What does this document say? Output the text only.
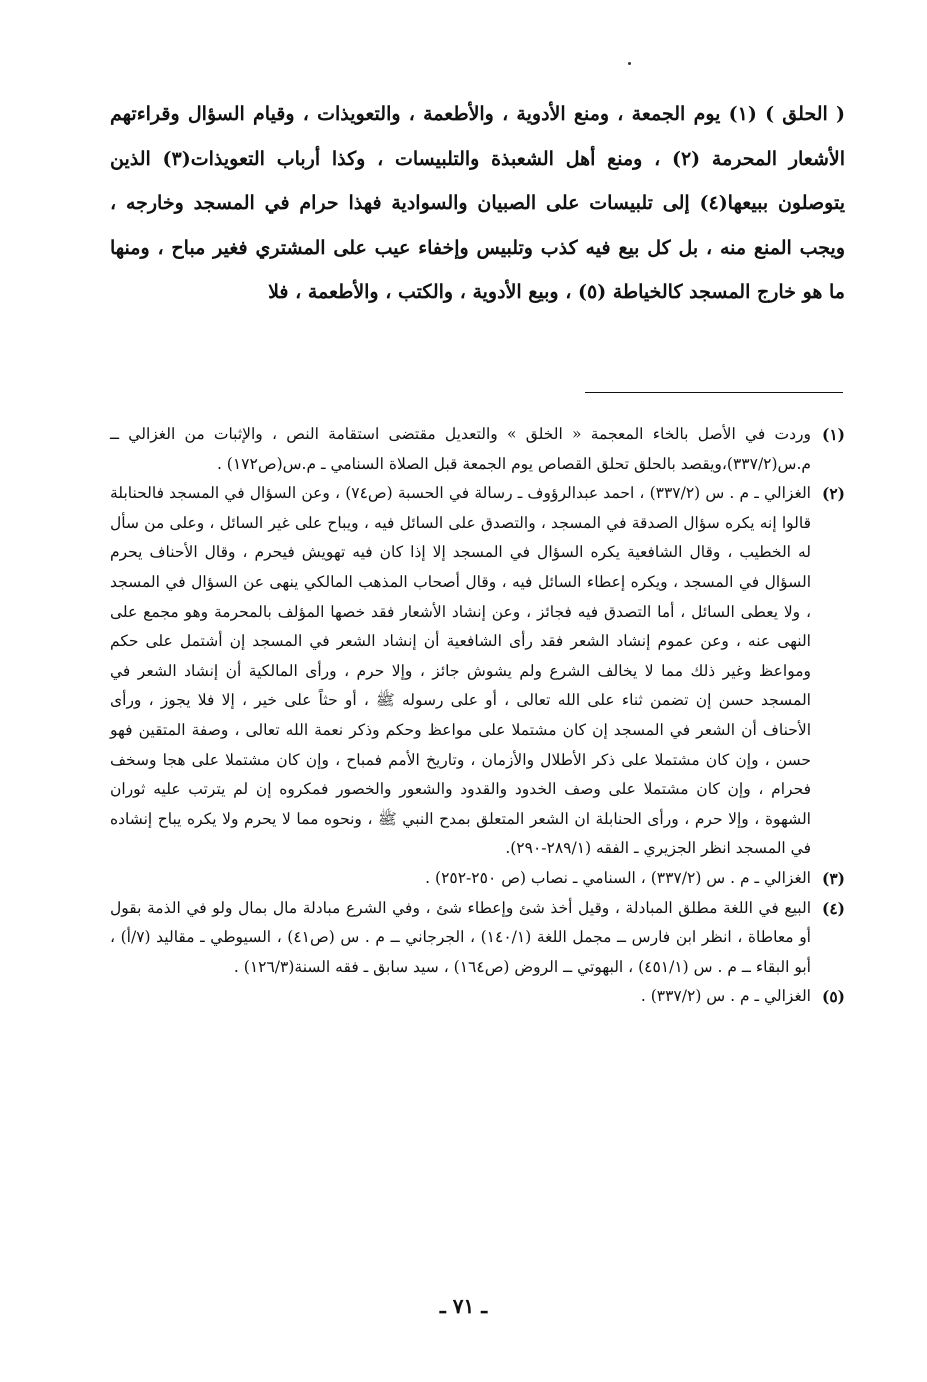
( الحلق ) (١) يوم الجمعة ، ومنع الأدوية ، والأطعمة ، والتعويذات ، وقيام السؤال وقراءتهم الأشعار المحرمة (٢) ، ومنع أهل الشعبذة والتلبيسات ، وكذا أرباب التعويذات(٣) الذين يتوصلون ببيعها(٤) إلى تلبيسات على الصبيان والسوادية فهذا حرام في المسجد وخارجه ، ويجب المنع منه ، بل كل بيع فيه كذب وتلبيس وإخفاء عيب على المشتري فغير مباح ، ومنها ما هو خارج المسجد كالخياطة (٥) ، وبيع الأدوية ، والكتب ، والأطعمة ، فلا

(١)
وردت في الأصل بالخاء المعجمة « الخلق » والتعديل مقتضى استقامة النص ، والإثبات من الغزالي ــ م.س(٣٣٧/٢)،ويقصد بالحلق تحلق القصاص يوم الجمعة قبل الصلاة السنامي ـ م.س(ص١٧٢) .
(٢)
الغزالي ـ م . س (٣٣٧/٢) ، احمد عبدالرؤوف ـ رسالة في الحسبة (ص٧٤) ، وعن السؤال في المسجد فالحنابلة قالوا إنه يكره سؤال الصدقة في المسجد ، والتصدق على السائل فيه ، ويباح على غير السائل ، وعلى من سأل له الخطيب ، وقال الشافعية يكره السؤال في المسجد إلا إذا كان فيه تهويش فيحرم ، وقال الأحناف يحرم السؤال في المسجد ، ويكره إعطاء السائل فيه ، وقال أصحاب المذهب المالكي ينهى عن السؤال في المسجد ، ولا يعطى السائل ، أما التصدق فيه فجائز ، وعن إنشاد الأشعار فقد خصها المؤلف بالمحرمة وهو مجمع على النهى عنه ، وعن عموم إنشاد الشعر فقد رأى الشافعية أن إنشاد الشعر في المسجد إن أشتمل على حكم ومواعظ وغير ذلك مما لا يخالف الشرع ولم يشوش جائز ، وإلا حرم ، ورأى المالكية أن إنشاد الشعر في المسجد حسن إن تضمن ثناء على الله تعالى ، أو على رسوله ﷺ ، أو حثاً على خير ، إلا فلا يجوز ، ورأى الأحناف أن الشعر في المسجد إن كان مشتملا على مواعظ وحكم وذكر نعمة الله تعالى ، وصفة المتقين فهو حسن ، وإن كان مشتملا على ذكر الأطلال والأزمان ، وتاريخ الأمم فمباح ، وإن كان مشتملا على هجا وسخف فحرام ، وإن كان مشتملا على وصف الخدود والقدود والشعور والخصور فمكروه إن لم يترتب عليه ثوران الشهوة ، وإلا حرم ، ورأى الحنابلة ان الشعر المتعلق بمدح النبي ﷺ ، ونحوه مما لا يحرم ولا يكره يباح إنشاده في المسجد انظر الجزيري ـ الفقه (٢٨٩/١-٢٩٠).
(٣)
الغزالي ـ م . س (٣٣٧/٢) ، السنامي ـ نصاب (ص ٢٥٠-٢٥٢) .
(٤)
البيع في اللغة مطلق المبادلة ، وقيل أخذ شئ وإعطاء شئ ، وفي الشرع مبادلة مال بمال ولو في الذمة بقول أو معاطاة ، انظر ابن فارس ــ مجمل اللغة (١٤٠/١) ، الجرجاني ــ م . س (ص٤١) ، السيوطي ـ مقاليد (٧/أ) ، أبو البقاء ــ م . س (٤٥١/١) ، البهوتي ــ الروض (ص١٦٤) ، سيد سابق ـ فقه السنة(١٢٦/٣) .
(٥)
الغزالي ـ م . س (٣٣٧/٢) .
ـ ٧١ ـ
